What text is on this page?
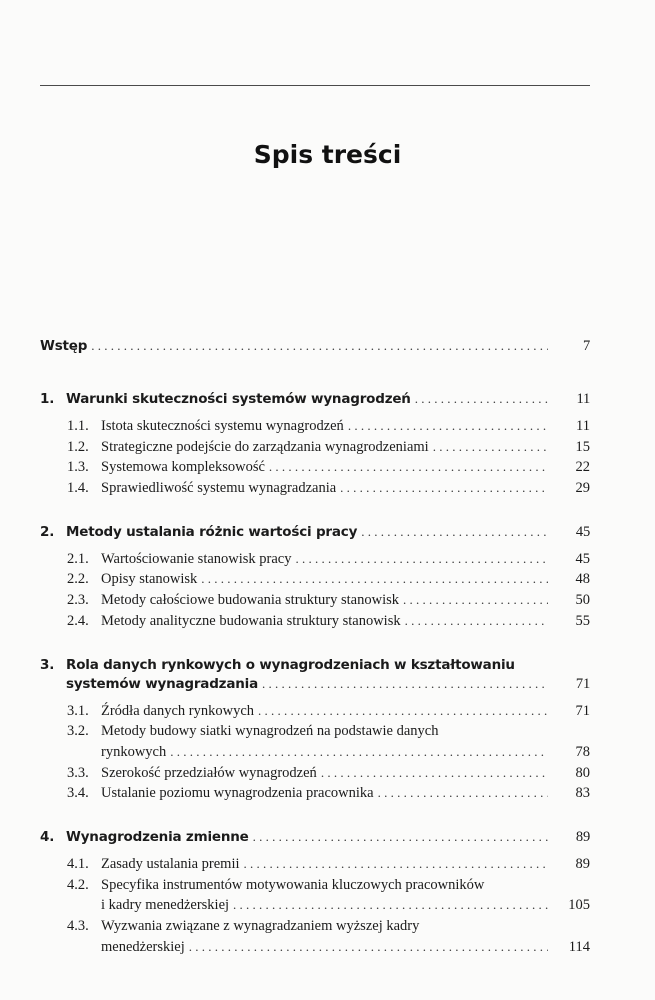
Spis treści
Wstęp . . .	7
1. Warunki skuteczności systemów wynagrodzeń . . .	11
1.1. Istota skuteczności systemu wynagrodzeń . . .	11
1.2. Strategiczne podejście do zarządzania wynagrodzeniami . . .	15
1.3. Systemowa kompleksowość . . .	22
1.4. Sprawiedliwość systemu wynagradzania . . .	29
2. Metody ustalania różnic wartości pracy . . .	45
2.1. Wartościowanie stanowisk pracy . . .	45
2.2. Opisy stanowisk . . .	48
2.3. Metody całościowe budowania struktury stanowisk . . .	50
2.4. Metody analityczne budowania struktury stanowisk . . .	55
3. Rola danych rynkowych o wynagrodzeniach w kształtowaniu
systemów wynagradzania . . .	71
3.1. Źródła danych rynkowych . . .	71
3.2. Metody budowy siatki wynagrodzeń na podstawie danych
rynkowych . . .	78
3.3. Szerokość przedziałów wynagrodzeń . . .	80
3.4. Ustalanie poziomu wynagrodzenia pracownika . . .	83
4. Wynagrodzenia zmienne . . .	89
4.1. Zasady ustalania premii . . .	89
4.2. Specyfika instrumentów motywowania kluczowych pracowników
i kadry menedżerskiej . . .	105
4.3. Wyzwania związane z wynagradzaniem wyższej kadry
menedżerskiej . . .	114
